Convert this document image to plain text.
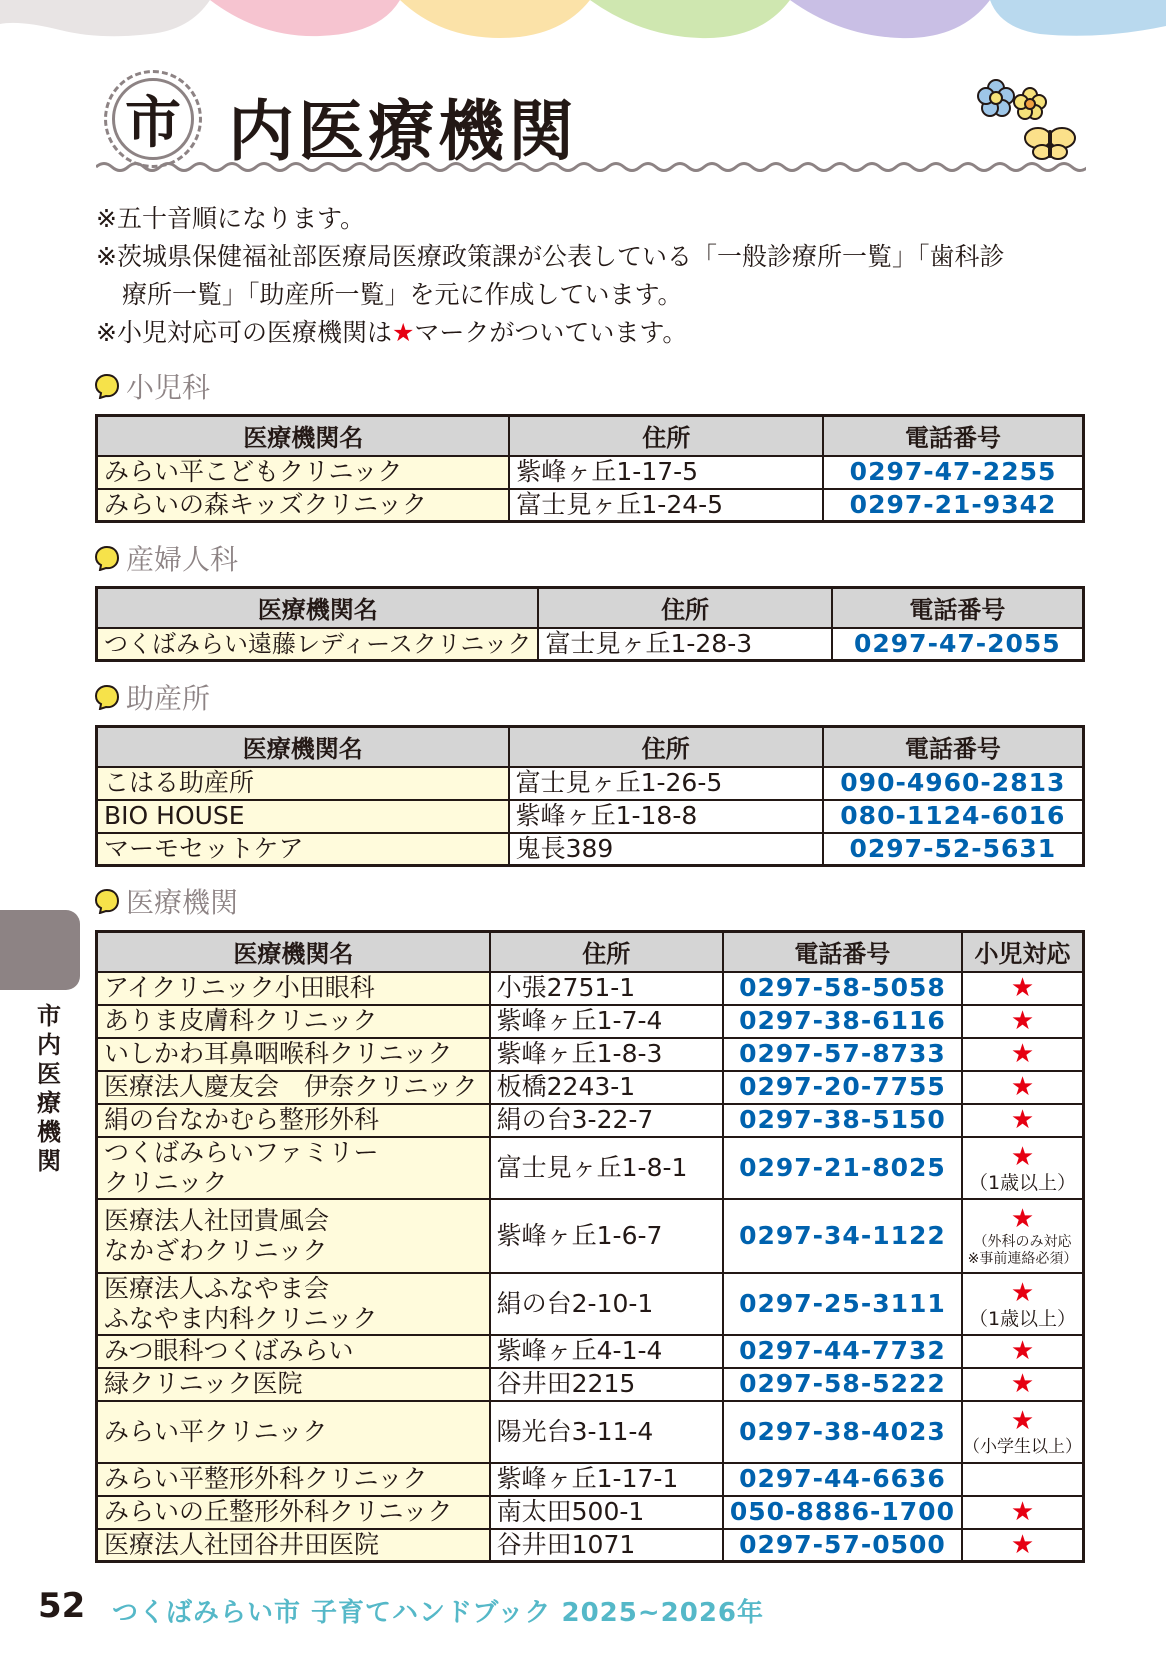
市 内医療機関
※五十音順になります。
※茨城県保健福祉部医療局医療政策課が公表している「一般診療所一覧」「歯科診
療所一覧」「助産所一覧」を元に作成しています。
※小児対応可の医療機関は★マークがついています。
小児科
医療機関名	住所	電話番号
みらい平こどもクリニック	紫峰ヶ丘1-17-5	0297-47-2255
みらいの森キッズクリニック	富士見ヶ丘1-24-5	0297-21-9342
産婦人科
医療機関名	住所	電話番号
つくばみらい遠藤レディースクリニック	富士見ヶ丘1-28-3	0297-47-2055
助産所
医療機関名	住所	電話番号
こはる助産所	富士見ヶ丘1-26-5	090-4960-2813
BIO HOUSE	紫峰ヶ丘1-18-8	080-1124-6016
マーモセットケア	鬼長389	0297-52-5631
医療機関
医療機関名	住所	電話番号	小児対応
アイクリニック小田眼科	小張2751-1	0297-58-5058	★
ありま皮膚科クリニック	紫峰ヶ丘1-7-4	0297-38-6116	★
いしかわ耳鼻咽喉科クリニック	紫峰ヶ丘1-8-3	0297-57-8733	★
医療法人慶友会　伊奈クリニック	板橋2243-1	0297-20-7755	★
絹の台なかむら整形外科	絹の台3-22-7	0297-38-5150	★

つくばみらいファミリー
クリニック	富士見ヶ丘1-8-1	0297-21-8025	★
（1歳以上）

医療法人社団貴風会
なかざわクリニック	紫峰ヶ丘1-6-7	0297-34-1122	★
（外科のみ対応
※事前連絡必須）

医療法人ふなやま会
ふなやま内科クリニック	絹の台2-10-1	0297-25-3111	★
（1歳以上）

みつ眼科つくばみらい	紫峰ヶ丘4-1-4	0297-44-7732	★
緑クリニック医院	谷井田2215	0297-58-5222	★
みらい平クリニック	陽光台3-11-4	0297-38-4023	★
（小学生以上）

みらい平整形外科クリニック	紫峰ヶ丘1-17-1	0297-44-6636	
みらいの丘整形外科クリニック	南太田500-1	050-8886-1700	★
医療法人社団谷井田医院	谷井田1071	0297-57-0500	★
市内医療機関
52 つくばみらい市 子育てハンドブック 2025~2026年
